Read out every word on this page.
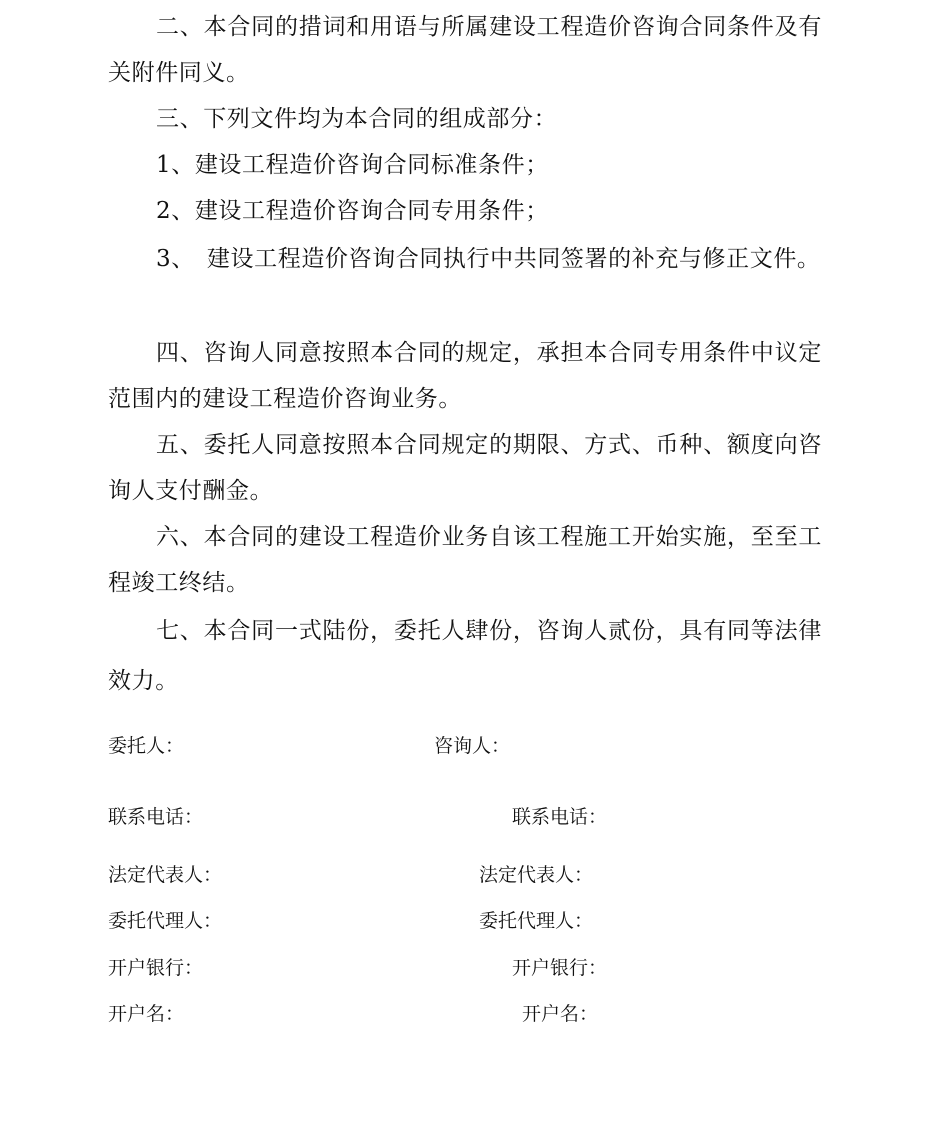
二、本合同的措词和用语与所属建设工程造价咨询合同条件及有关附件同义。

三、下列文件均为本合同的组成部分：

1、建设工程造价咨询合同标准条件；

2、建设工程造价咨询合同专用条件；

3、　建设工程造价咨询合同执行中共同签署的补充与修正文件。

四、咨询人同意按照本合同的规定，承担本合同专用条件中议定范围内的建设工程造价咨询业务。

五、委托人同意按照本合同规定的期限、方式、币种、额度向咨询人支付酬金。

六、本合同的建设工程造价业务自该工程施工开始实施，至至工程竣工终结。

七、本合同一式陆份，委托人肆份，咨询人贰份，具有同等法律效力。

委托人：	咨询人：

联系电话：	联系电话：

法定代表人：	法定代表人：

委托代理人：	委托代理人：

开户银行：	开户银行：

开户名：	开户名：
